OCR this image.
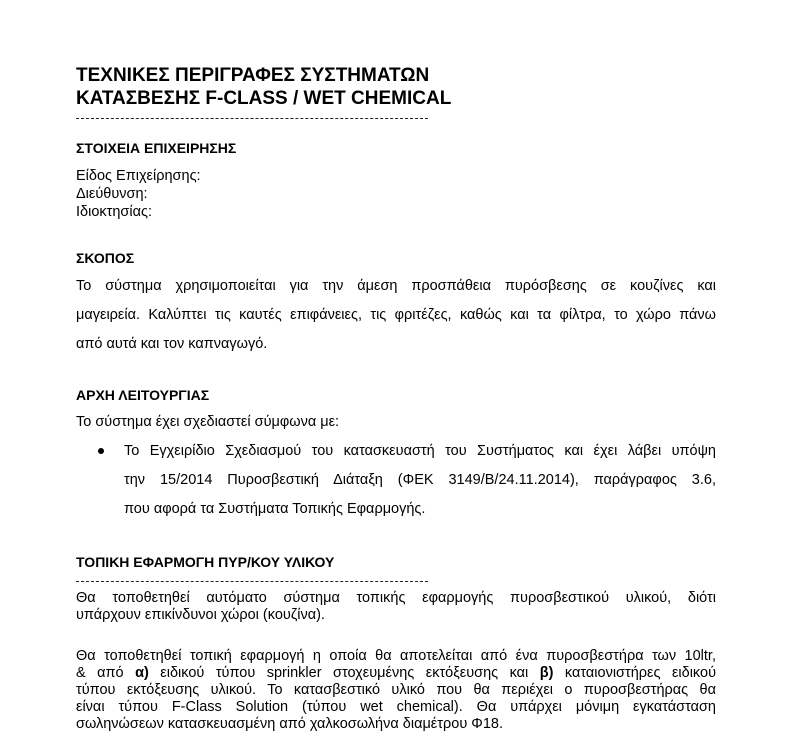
ΤΕΧΝΙΚΕΣ ΠΕΡΙΓΡΑΦΕΣ ΣΥΣΤΗΜΑΤΩΝ
ΚΑΤΑΣΒΕΣΗΣ F-CLASS / WET CHEMICAL
ΣΤΟΙΧΕΙΑ ΕΠΙΧΕΙΡΗΣΗΣ
Είδος Επιχείρησης:
Διεύθυνση:
Ιδιοκτησίας:
ΣΚΟΠΟΣ
Το σύστημα χρησιμοποιείται για την άμεση προσπάθεια πυρόσβεσης σε κουζίνες και
μαγειρεία. Καλύπτει τις καυτές επιφάνειες, τις φριτέζες, καθώς και τα φίλτρα, το χώρο πάνω
από αυτά και τον καπναγωγό.
ΑΡΧΗ ΛΕΙΤΟΥΡΓΙΑΣ
Το σύστημα έχει σχεδιαστεί σύμφωνα με:
Το Εγχειρίδιο Σχεδιασμού του κατασκευαστή του Συστήματος και έχει λάβει υπόψη
την 15/2014 Πυροσβεστική Διάταξη (ΦΕΚ 3149/Β/24.11.2014), παράγραφος 3.6,
που αφορά τα Συστήματα Τοπικής Εφαρμογής.
ΤΟΠΙΚΗ ΕΦΑΡΜΟΓΗ ΠΥΡ/ΚΟΥ ΥΛΙΚΟΥ
Θα τοποθετηθεί αυτόματο σύστημα τοπικής εφαρμογής πυροσβεστικού υλικού, διότι
υπάρχουν επικίνδυνοι χώροι (κουζίνα).
Θα τοποθετηθεί τοπική εφαρμογή η οποία θα αποτελείται από ένα πυροσβεστήρα των 10ltr,
& από α) ειδικού τύπου sprinkler στοχευμένης εκτόξευσης και β) καταιονιστήρες ειδικού
τύπου εκτόξευσης υλικού. Το κατασβεστικό υλικό που θα περιέχει ο πυροσβεστήρας θα
είναι τύπου F-Class Solution (τύπου wet chemical). Θα υπάρχει μόνιμη εγκατάσταση
σωληνώσεων κατασκευασμένη από χαλκοσωλήνα διαμέτρου Φ18.
